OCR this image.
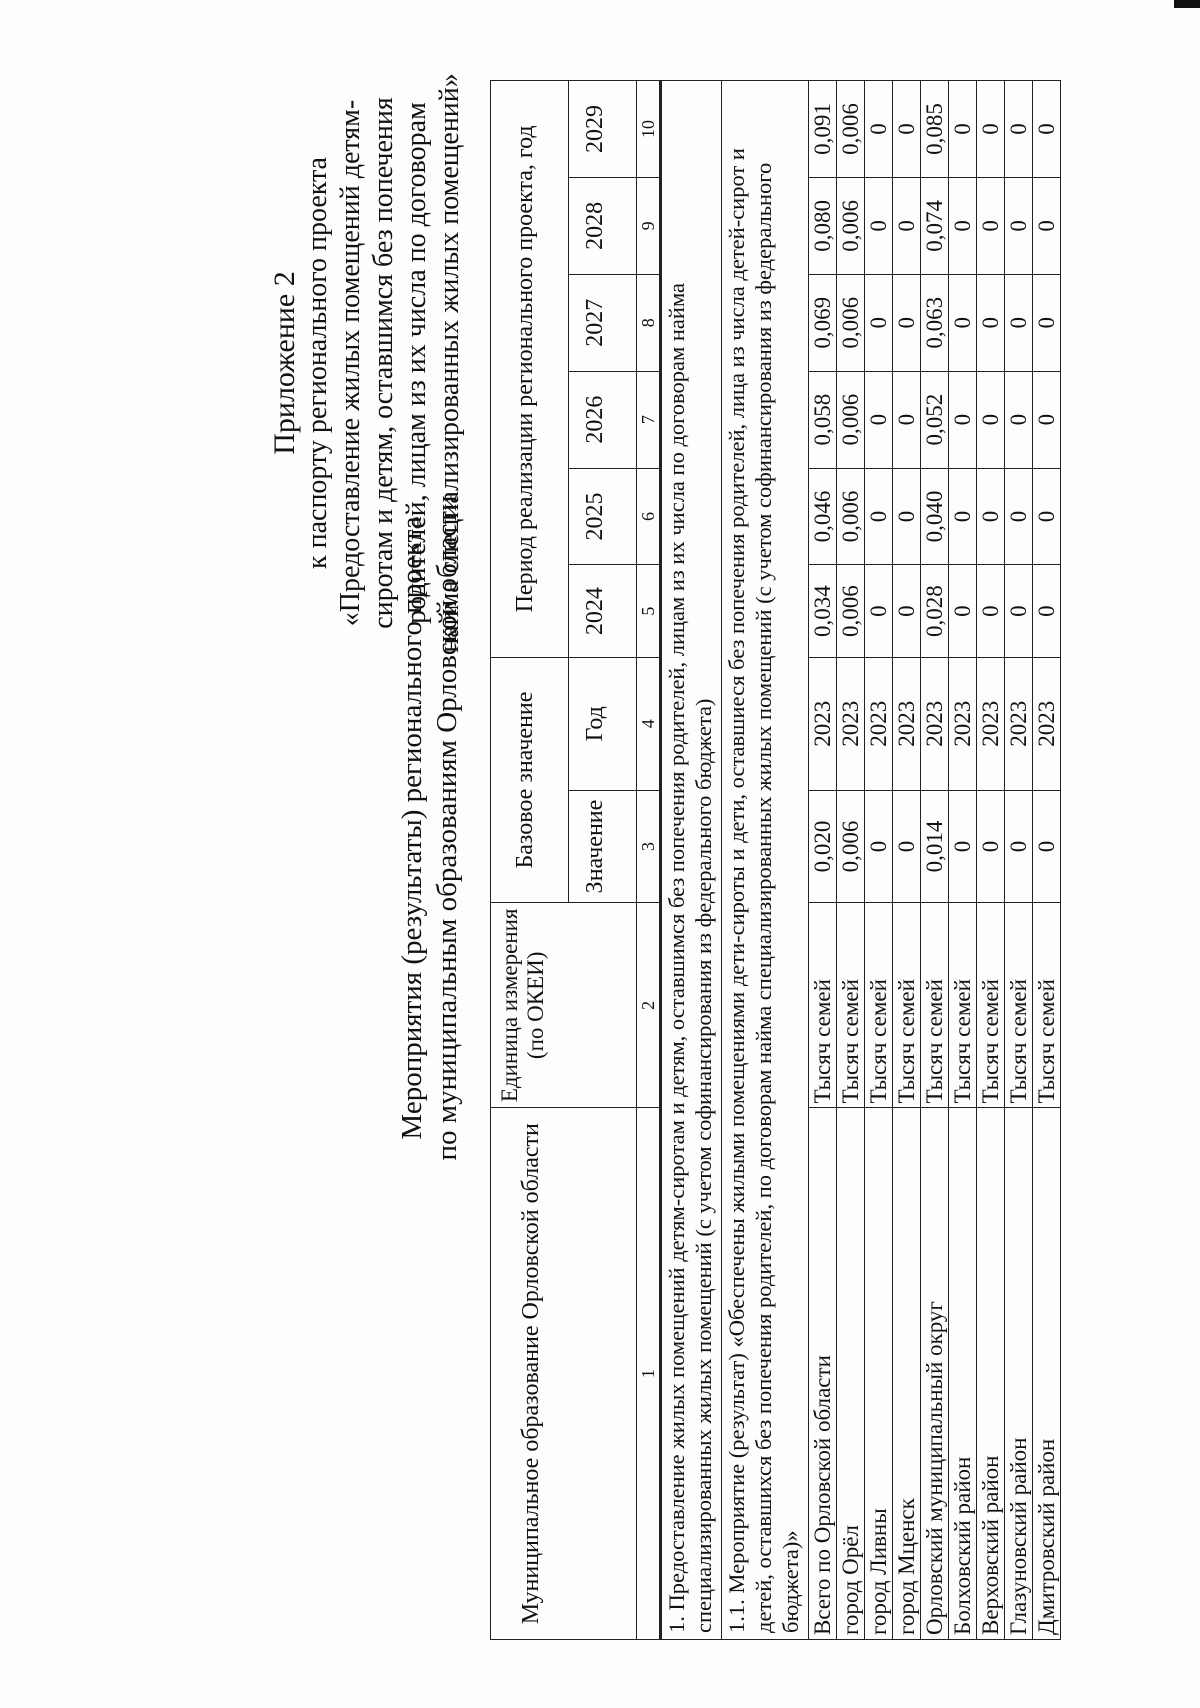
Приложение 2 к паспорту регионального проекта «Предоставление жилых помещений детям- сиротам и детям, оставшимся без попечения родителей, лицам из их числа по договорам найма специализированных жилых помещений»
Мероприятия (результаты) регионального проекта по муниципальным образованиям Орловской области
Муниципальное образование Орловской области	Единица измерения (по ОКЕИ)	Базовое значение		Период реализации регионального проекта, год					
		Значение	Год	2024	2025	2026	2027	2028	2029
1	2	3	4	5	6	7	8	9	10
1. Предоставление жилых помещений детям-сиротам и детям, оставшимся без попечения родителей, лицам из их числа по договорам найма специализированных жилых помещений (с учетом софинансирования из федерального бюджета)									
1.1. Мероприятие (результат) «Обеспечены жилыми помещениями дети-сироты и дети, оставшиеся без попечения родителей, лица из числа детей-сирот и детей, оставшихся без попечения родителей, по договорам найма специализированных жилых помещений (с учетом софинансирования из федерального бюджета)»									
Всего по Орловской области	Тысяч семей	0,020	2023	0,034	0,046	0,058	0,069	0,080	0,091
город Орёл	Тысяч семей	0,006	2023	0,006	0,006	0,006	0,006	0,006	0,006
город Ливны	Тысяч семей	0	2023	0	0	0	0	0	0
город Мценск	Тысяч семей	0	2023	0	0	0	0	0	0
Орловский муниципальный округ	Тысяч семей	0,014	2023	0,028	0,040	0,052	0,063	0,074	0,085
Болховский район	Тысяч семей	0	2023	0	0	0	0	0	0
Верховский район	Тысяч семей	0	2023	0	0	0	0	0	0
Глазуновский район	Тысяч семей	0	2023	0	0	0	0	0	0
Дмитровский район	Тысяч семей	0	2023	0	0	0	0	0	0
